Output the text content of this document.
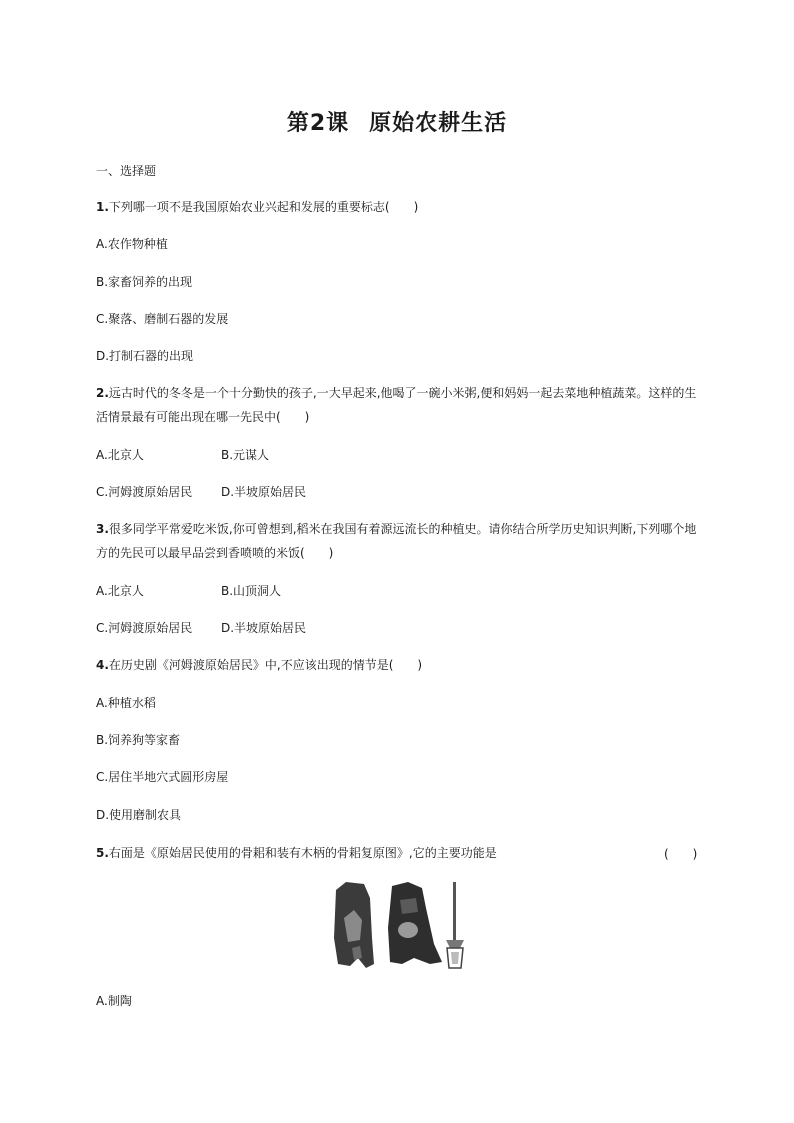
第2课 原始农耕生活
一、选择题
1.下列哪一项不是我国原始农业兴起和发展的重要标志(　　)
A.农作物种植
B.家畜饲养的出现
C.聚落、磨制石器的发展
D.打制石器的出现
2.远古时代的冬冬是一个十分勤快的孩子,一大早起来,他喝了一碗小米粥,便和妈妈一起去菜地种植蔬菜。这样的生活情景最有可能出现在哪一先民中(　　)
A.北京人	B.元谋人
C.河姆渡原始居民 D.半坡原始居民
3.很多同学平常爱吃米饭,你可曾想到,稻米在我国有着源远流长的种植史。请你结合所学历史知识判断,下列哪个地方的先民可以最早品尝到香喷喷的米饭(　　)
A.北京人	B.山顶洞人
C.河姆渡原始居民 D.半坡原始居民
4.在历史剧《河姆渡原始居民》中,不应该出现的情节是(　　)
A.种植水稻
B.饲养狗等家畜
C.居住半地穴式圆形房屋
D.使用磨制农具
5.右面是《原始居民使用的骨耜和装有木柄的骨耜复原图》,它的主要功能是	(　　)
A.制陶
